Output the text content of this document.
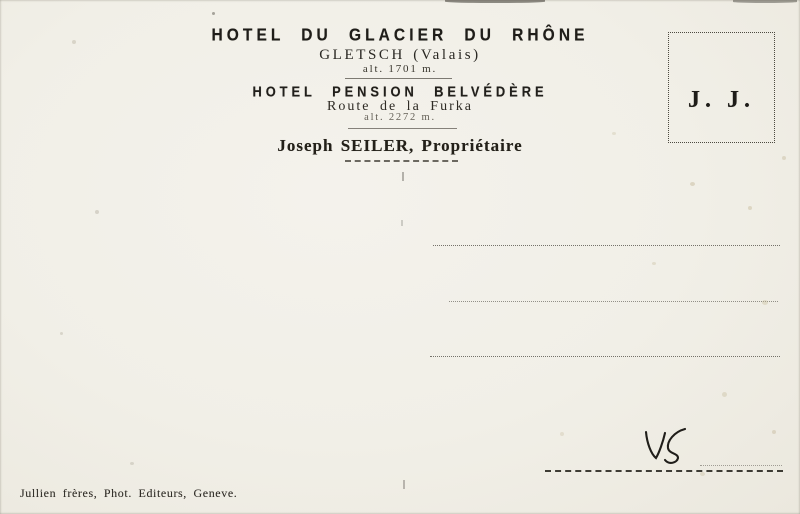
HOTEL DU GLACIER DU RHÔNE
GLETSCH (Valais)
alt. 1701 m.
HOTEL PENSION BELVÉDÈRE
Route de la Furka
alt. 2272 m.
Joseph SEILER, Propriétaire
J. J.
Jullien frères, Phot. Editeurs, Geneve.
